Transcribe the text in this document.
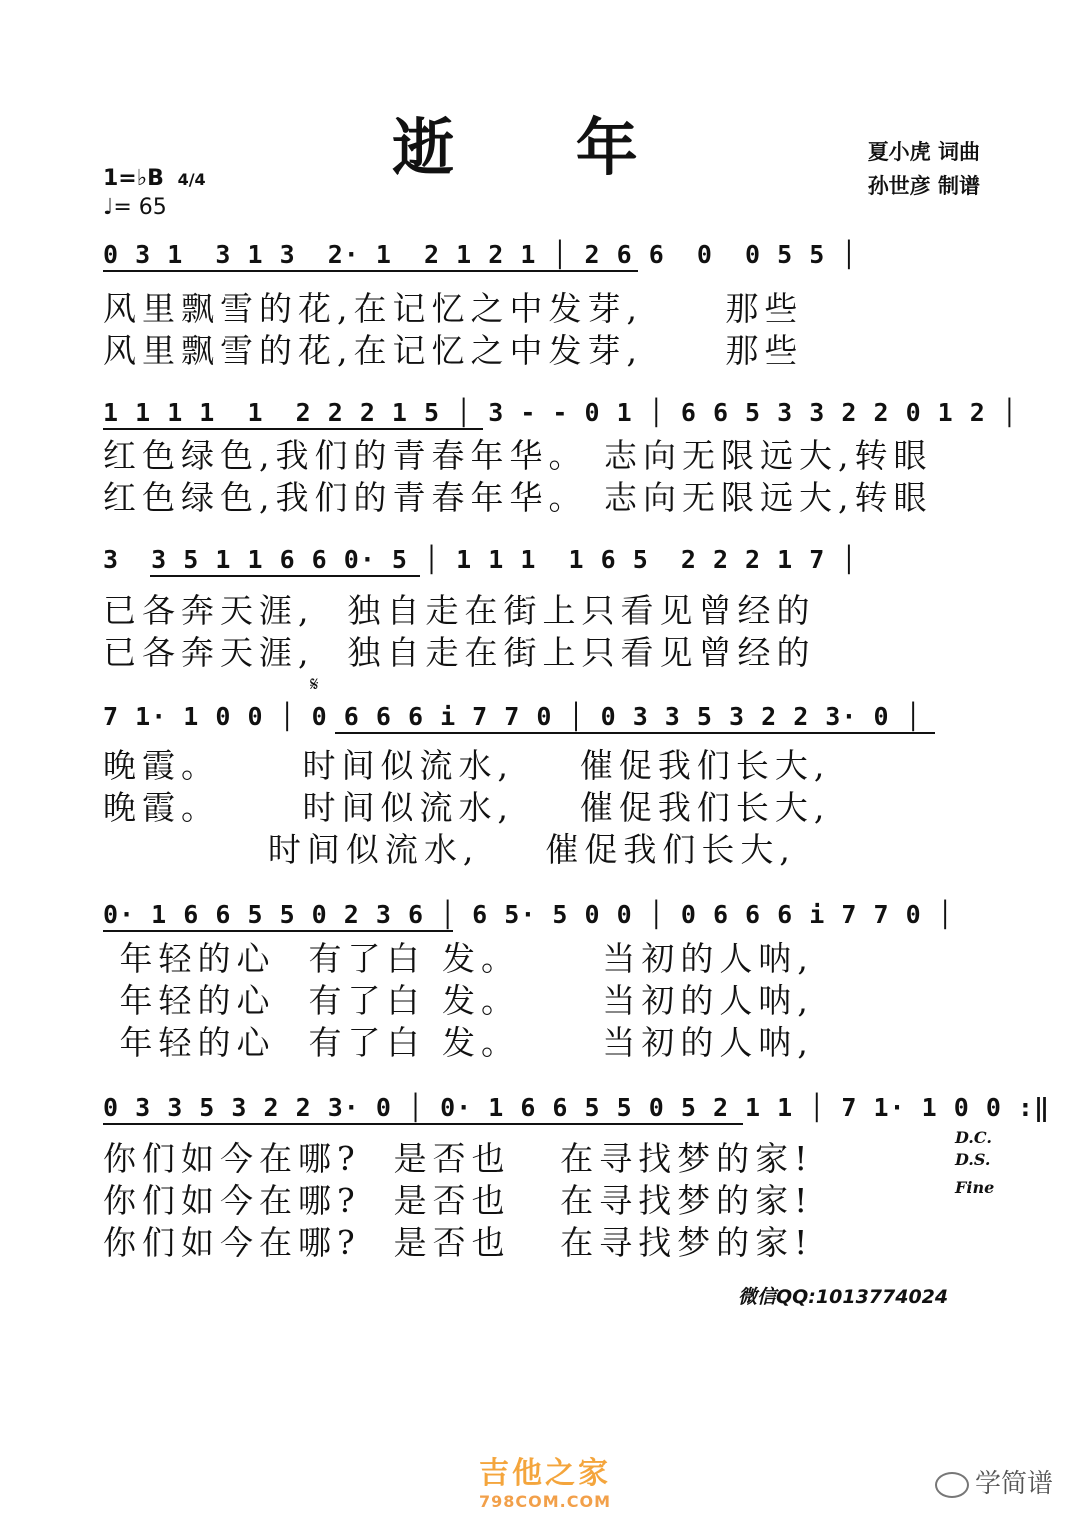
逝 年	夏小虎 词曲
孙世彦 制谱
1=♭B 4/4
♩= 65
0 3 1  3 1 3  2· 1  2 1 2 1 │ 2 6 6  0  0 5 5 │
风里飘雪的花,在记忆之中发芽,     那些
风里飘雪的花,在记忆之中发芽,     那些
1 1 1 1  1  2 2 2 1 5 │ 3 - - 0 1 │ 6 6 5 3 3 2 2 0 1 2 │
红色绿色,我们的青春年华。 志向无限远大,转眼
红色绿色,我们的青春年华。 志向无限远大,转眼
3  3 5 1 1 6 6 0· 5 │ 1 1 1  1 6 5  2 2 2 1 7 │
已各奔天涯,  独自走在街上只看见曾经的
已各奔天涯,  独自走在街上只看见曾经的
𝄋
7 1· 1 0 0 │ 0 6 6 6 i 7 7 0 │ 0 3 3 5 3 2 2 3· 0 │
晚霞。     时间似流水,    催促我们长大,
晚霞。     时间似流水,    催促我们长大,
时间似流水,    催促我们长大,
0· 1 6 6 5 5 0 2 3 6 │ 6 5· 5 0 0 │ 0 6 6 6 i 7 7 0 │
年轻的心  有了白 发。     当初的人呐,
年轻的心  有了白 发。     当初的人呐,
年轻的心  有了白 发。     当初的人呐,
0 3 3 5 3 2 2 3· 0 │ 0· 1 6 6 5 5 0 5 2 1 1 │ 7 1· 1 0 0 :‖
你们如今在哪?  是否也   在寻找梦的家!
你们如今在哪?  是否也   在寻找梦的家!
你们如今在哪?  是否也   在寻找梦的家!
D.C.
D.S.
Fine
微信QQ:1013774024
吉他之家
798COM.COM
学简谱
